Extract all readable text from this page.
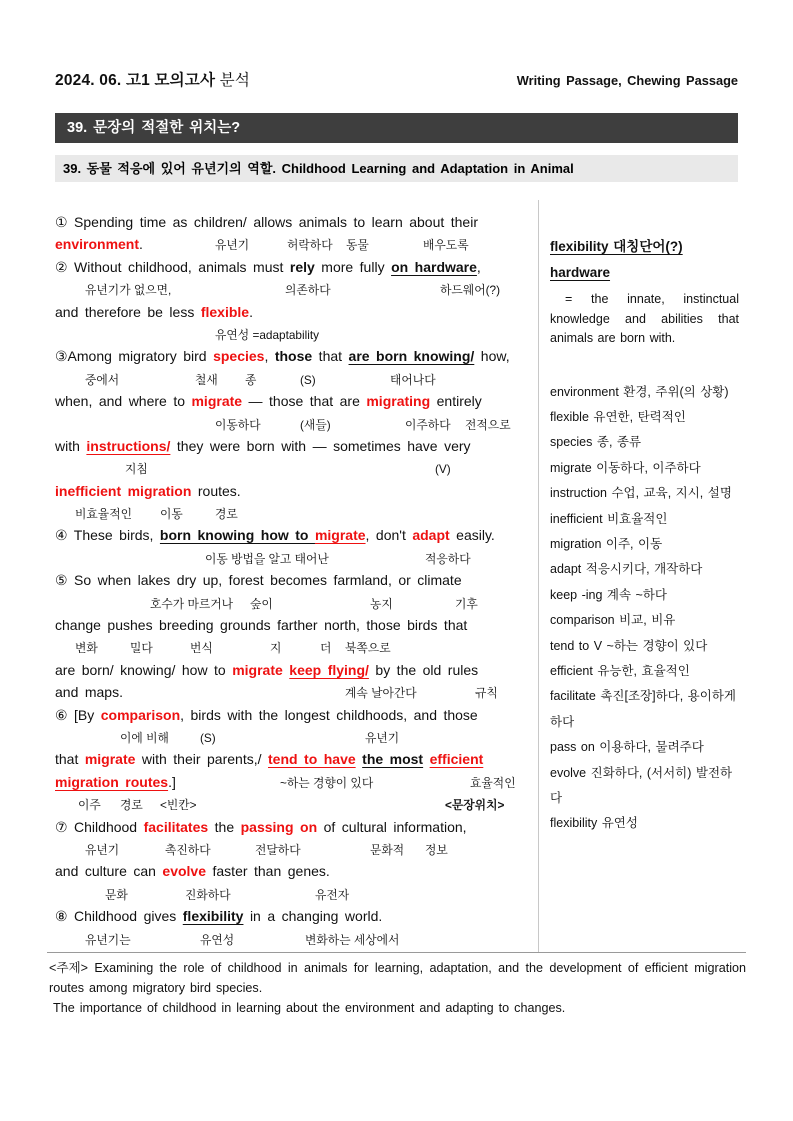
2024. 06. 고1 모의고사 분석	Writing Passage, Chewing Passage
39. 문장의 적절한 위치는?
39. 동물 적응에 있어 유년기의 역할. Childhood Learning and Adaptation in Animal
① Spending time as children/ allows animals to learn about their
environment.	유년기	허락하다 동물	배우도록
② Without childhood, animals must rely more fully on hardware,
유년기가 없으면,	의존하다	하드웨어(?)
and therefore be less flexible.
유연성 =adaptability
③Among migratory bird species, those that are born knowing/ how,
중에서	철새 종	(S)	태어나다
when, and where to migrate — those that are migrating entirely
이동하다	(새들)	이주하다 전적으로
with instructions/ they were born with — sometimes have very
지침	(V)
inefficient migration routes.
비효율적인 이동	경로
④ These birds, born knowing how to migrate, don't adapt easily.
이동 방법을 알고 태어난	적응하다
⑤ So when lakes dry up, forest becomes farmland, or climate
호수가 마르거나 숲이	농지	기후
change pushes breeding grounds farther north, those birds that
변화	밀다	번식	지	더 북쪽으로
are born/ knowing/ how to migrate keep flying/ by the old rules
and maps.	계속 날아간다	규칙
⑥ [By comparison, birds with the longest childhoods, and those
이에 비해	(S)	유년기
that migrate with their parents,/ tend to have the most efficient
migration routes.]	~하는 경향이 있다	효율적인
이주 경로 <빈칸>	<문장위치>
⑦ Childhood facilitates the passing on of cultural information,
유년기	촉진하다	전달하다	문화적 정보
and culture can evolve faster than genes.
문화	진화하다	유전자
⑧ Childhood gives flexibility in a changing world.
유년기는	유연성	변화하는 세상에서

flexibility 대칭단어(?)

hardware

= the innate, instinctual knowledge and abilities that animals are born with.

environment 환경, 주위(의 상황)
flexible 유연한, 탄력적인
species 종, 종류
migrate 이동하다, 이주하다
instruction 수업, 교육, 지시, 설명
inefficient 비효율적인
migration 이주, 이동
adapt 적응시키다, 개작하다
keep -ing 계속 ~하다
comparison 비교, 비유
tend to V ~하는 경향이 있다
efficient 유능한, 효율적인
facilitate 촉진[조장]하다, 용이하게 하다
pass on 이용하다, 물려주다
evolve 진화하다, (서서히) 발전하다
flexibility 유연성

<주제> Examining the role of childhood in animals for learning, adaptation, and the development of efficient migration routes among migratory bird species.

The importance of childhood in learning about the environment and adapting to changes.
